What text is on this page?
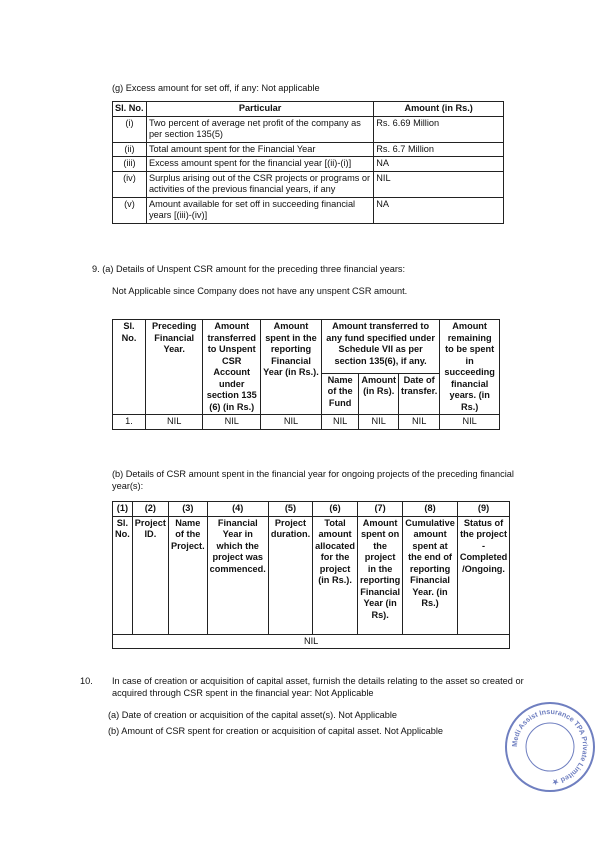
(g) Excess amount for set off, if any: Not applicable
Sl. No.	Particular	Amount (in Rs.)
(i)	Two percent of average net profit of the company as per section 135(5)	Rs. 6.69 Million
(ii)	Total amount spent for the Financial Year	Rs. 6.7 Million
(iii)	Excess amount spent for the financial year [(ii)-(i)]	NA
(iv)	Surplus arising out of the CSR projects or programs or activities of the previous financial years, if any	NIL
(v)	Amount available for set off in succeeding financial years [(iii)-(iv)]	NA
9. (a) Details of Unspent CSR amount for the preceding three financial years:
Not Applicable since Company does not have any unspent CSR amount.
Sl. No.	Preceding Financial Year.	Amount transferred to Unspent CSR Account under section 135 (6) (in Rs.)	Amount spent in the reporting Financial Year (in Rs.).	Amount transferred to any fund specified under Schedule VII as per section 135(6), if any.			Amount remaining to be spent in succeeding financial years. (in Rs.)
				Name of the Fund	Amount (in Rs).	Date of transfer.	
1.	NIL	NIL	NIL	NIL	NIL	NIL	NIL
(b) Details of CSR amount spent in the financial year for ongoing projects of the preceding financial year(s):
(1)	(2)	(3)	(4)	(5)	(6)	(7)	(8)	(9)
Sl. No.	Project ID.	Name of the Project.	Financial Year in which the project was commenced.	Project duration.	Total amount allocated for the project (in Rs.).	Amount spent on the project in the reporting Financial Year (in Rs).	Cumulative amount spent at the end of reporting Financial Year. (in Rs.)	Status of the project - Completed /Ongoing.
NIL								
10. In case of creation or acquisition of capital asset, furnish the details relating to the asset so created or acquired through CSR spent in the financial year: Not Applicable
(a) Date of creation or acquisition of the capital asset(s). Not Applicable
(b) Amount of CSR spent for creation or acquisition of capital asset. Not Applicable
Medi Assist Insurance TPA Private Limited ★
